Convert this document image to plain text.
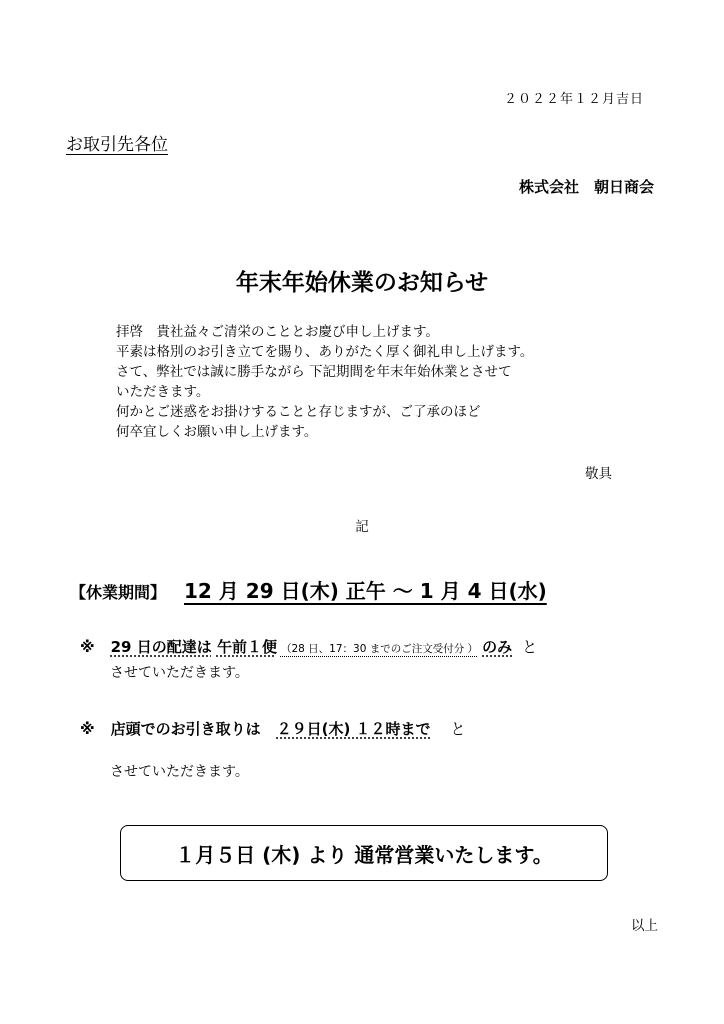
２０２２年１２月吉日
お取引先各位
株式会社　朝日商会
年末年始休業のお知らせ
拝啓　貴社益々ご清栄のこととお慶び申し上げます。
平素は格別のお引き立てを賜り、ありがたく厚く御礼申し上げます。
さて、弊社では誠に勝手ながら 下記期間を年末年始休業とさせて
いただきます。
何かとご迷惑をお掛けすることと存じますが、ご了承のほど
何卒宜しくお願い申し上げます。
敬具
記
【休業期間】 12 月 29 日(木) 正午 ～ 1 月 4 日(水)
※ 29 日の配達は 午前１便 （28 日、17：30 までのご注文受付分 ） のみ と
させていただきます。
※ 店頭でのお引き取りは ２９日(木) １２時まで と
させていただきます。
１月５日 (木) より 通常営業いたします。
以上
